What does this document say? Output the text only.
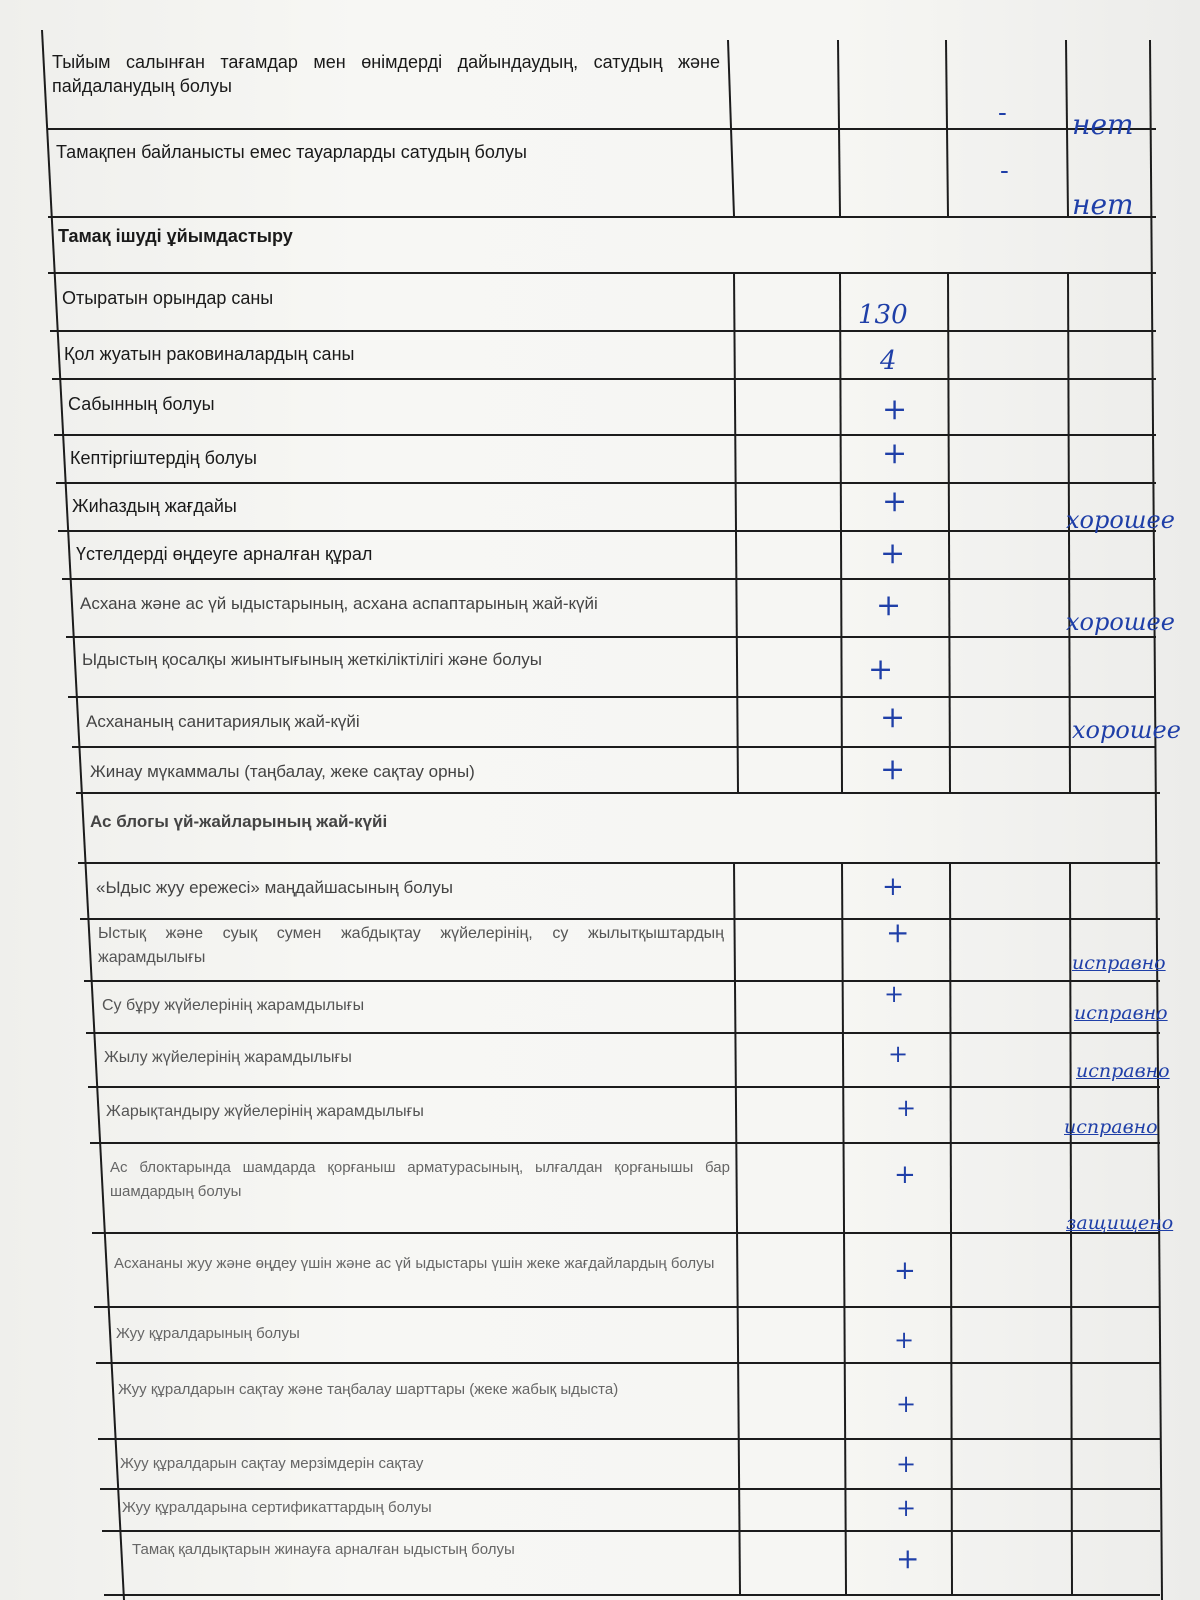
Тыйым салынған тағамдар мен өнімдерді дайындаудың, сатудың және пайдаланудың болуы
Тамақпен байланысты емес тауарларды сатудың болуы
Тамақ ішуді ұйымдастыру
Отыратын орындар саны
Қол жуатын раковиналардың саны
Сабынның болуы
Кептіргіштердің болуы
Жиhаздың жағдайы
Үстелдерді өңдеуге арналған құрал
Асхана және ас үй ыдыстарының, асхана аспаптарының жай-күйі
Ыдыстың қосалқы жиынтығының жеткіліктілігі және болуы
Асхананың санитариялық жай-күйі
Жинау мүкаммалы (таңбалау, жеке сақтау орны)
Ас блогы үй-жайларының жай-күйі
«Ыдыс жуу ережесі» маңдайшасының болуы
Ыстық және суық сумен жабдықтау жүйелерінің, су жылытқыштардың жарамдылығы
Су бұру жүйелерінің жарамдылығы
Жылу жүйелерінің жарамдылығы
Жарықтандыру жүйелерінің жарамдылығы
Ас блоктарында шамдарда қорғаныш арматурасының, ылғалдан қорғанышы бар шамдардың болуы
Асхананы жуу және өңдеу үшін және ас үй ыдыстары үшін жеке жағдайлардың болуы
Жуу құралдарының болуы
Жуу құралдарын сақтау және таңбалау шарттары (жеке жабық ыдыста)
Жуу құралдарын сақтау мерзімдерін сақтау
Жуу құралдарына сертификаттардың болуы
Тамақ қалдықтарын жинауға арналған ыдыстың болуы
130
4
+
+
+
+
+
+
+
+
+
+
+
+
+
+
+
+
+
+
+
+
-
-
нет
нет
хорошее
хорошее
хорошее
исправно
исправно
исправно
исправно
защищено
